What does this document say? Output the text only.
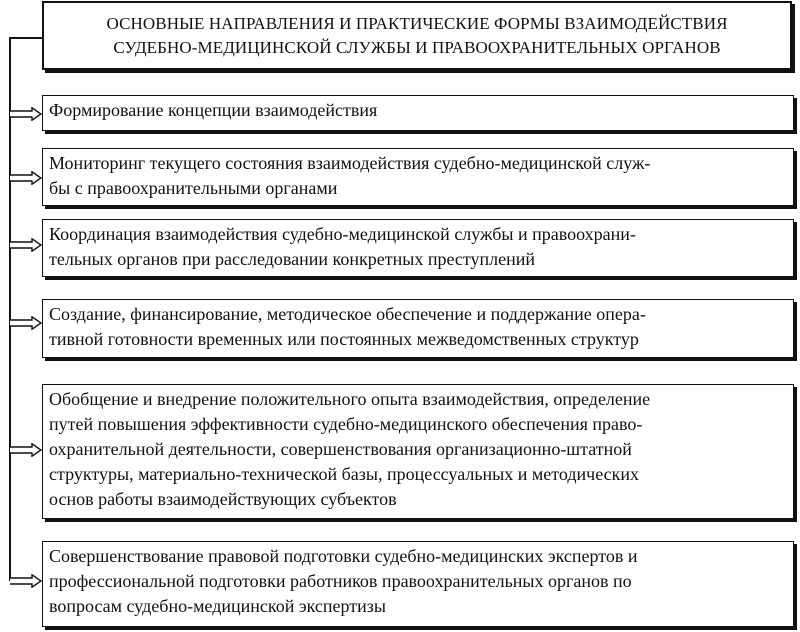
ОСНОВНЫЕ НАПРАВЛЕНИЯ И ПРАКТИЧЕСКИЕ ФОРМЫ ВЗАИМОДЕЙСТВИЯ
СУДЕБНО-МЕДИЦИНСКОЙ СЛУЖБЫ И ПРАВООХРАНИТЕЛЬНЫХ ОРГАНОВ
Формирование концепции взаимодействия
Мониторинг текущего состояния взаимодействия судебно-медицинской служ-
бы с правоохранительными органами
Координация взаимодействия судебно-медицинской службы и правоохрани-
тельных органов при расследовании конкретных преступлений
Создание, финансирование, методическое обеспечение и поддержание опера-
тивной готовности временных или постоянных межведомственных структур
Обобщение и внедрение положительного опыта взаимодействия, определение
путей повышения эффективности судебно-медицинского обеспечения право-
охранительной деятельности, совершенствования организационно-штатной
структуры, материально-технической базы, процессуальных и методических
основ работы взаимодействующих субъектов
Совершенствование правовой подготовки судебно-медицинских экспертов и
профессиональной подготовки работников правоохранительных органов по
вопросам судебно-медицинской экспертизы
